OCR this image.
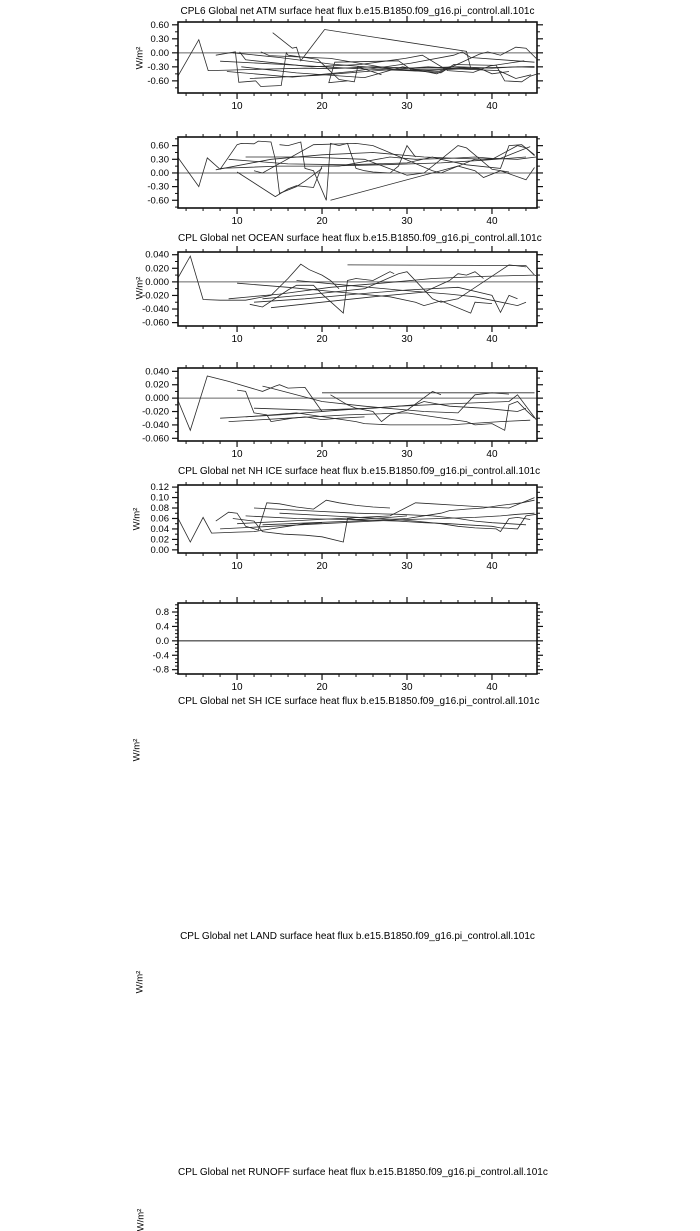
CPL6 Global net ATM surface heat flux b.e15.B1850.f09_g16.pi_control.all.101c
W/m²
10	20	30	40
0.60
0.30
0.00
-0.30
-0.60
CPL Global net OCEAN surface heat flux b.e15.B1850.f09_g16.pi_control.all.101c
W/m²
10	20	30	40
0.60
0.30
0.00
-0.30
-0.60
CPL Global net NH ICE surface heat flux b.e15.B1850.f09_g16.pi_control.all.101c
W/m²
10	20	30	40
0.040
0.020
0.000
-0.020
-0.040
-0.060
CPL Global net SH ICE surface heat flux b.e15.B1850.f09_g16.pi_control.all.101c
W/m²
10	20	30	40
0.040
0.020
0.000
-0.020
-0.040
-0.060
CPL Global net LAND surface heat flux b.e15.B1850.f09_g16.pi_control.all.101c
W/m²
10	20	30	40
0.12
0.10
0.08
0.06
0.04
0.02
0.00
CPL Global net RUNOFF surface heat flux b.e15.B1850.f09_g16.pi_control.all.101c
W/m²
10	20	30	40
0.8
0.4
0.0
-0.4
-0.8
